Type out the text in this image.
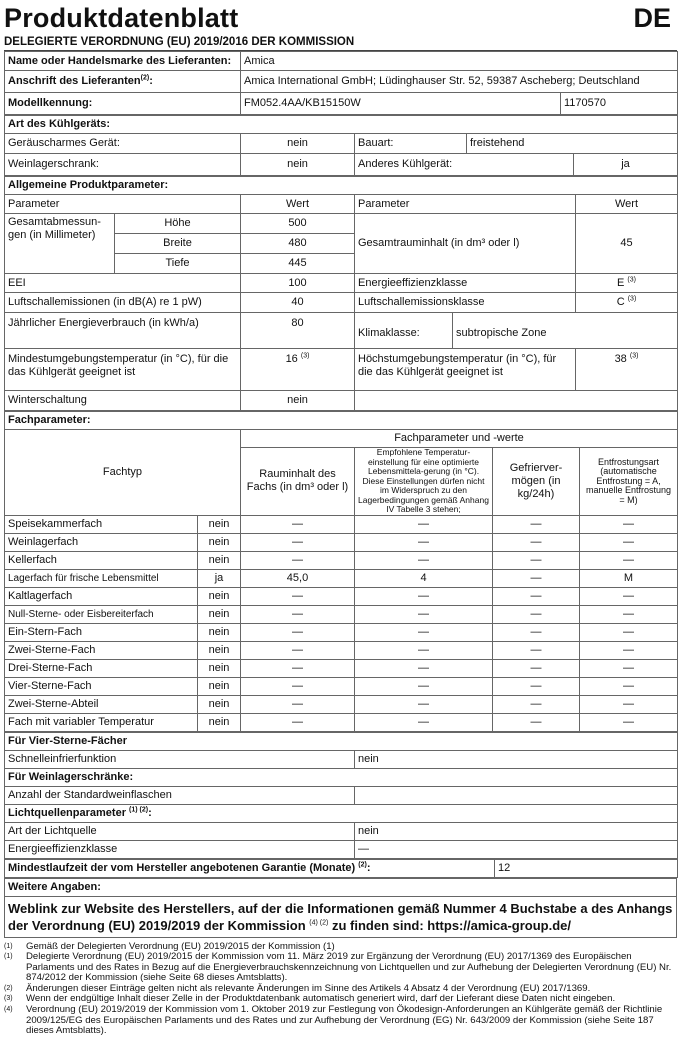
Produktdatenblatt	DE
DELEGIERTE VERORDNUNG (EU) 2019/2016 DER KOMMISSION
Name oder Handelsmarke des Lieferanten:	Amica	
Anschrift des Lieferanten$^{(2)}$:	Amica International GmbH; Lüdinghauser Str. 52, 59387 Ascheberg; Deutschland	
Modellkennung:	FM052.4AA/KB15150W	1170570
Art des Kühlgeräts:				
Geräuscharmes Gerät:	nein	Bauart:	freistehend	
Weinlagerschrank:	nein	Anderes Kühlgerät:		ja
Allgemeine Produktparameter:					
Parameter		Wert	Parameter		Wert
Gesamtabmessun-gen (in Millimeter)	Höhe	500	Gesamtrauminhalt (in dm³ oder l)		45
	Breite	480			
	Tiefe	445			
EEI		100	Energieeffizienzklasse		E $^{(3)}$
Luftschallemissionen (in dB(A) re 1 pW)		40	Luftschallemissionsklasse		C $^{(3)}$
Jährlicher Energieverbrauch (in kWh/a)		80	Klimaklasse:	subtropische Zone	
Mindestumgebungstemperatur (in °C), für die das Kühlgerät geeignet ist		16 $^{(3)}$	Höchstumgebungstemperatur (in °C), für die das Kühlgerät geeignet ist		38 $^{(3)}$
Winterschaltung		nein			
Fachparameter:					
Fachtyp		Fachparameter und -werte			
		Rauminhalt des Fachs (in dm³ oder l)	Empfohlene Temperatur-einstellung für eine optimierte Lebensmittela-gerung (in °C). Diese Einstellungen dürfen nicht im Widerspruch zu den Lagerbedingungen gemäß Anhang IV Tabelle 3 stehen;	Gefrierver-mögen (in kg/24h)	Entfrostungsart (automatische Entfrostung = A, manuelle Entfrostung = M)
Speisekammerfach	nein	—	—	—	—
Weinlagerfach	nein	—	—	—	—
Kellerfach	nein	—	—	—	—
Lagerfach für frische Lebensmittel	ja	45,0	4	—	M
Kaltlagerfach	nein	—	—	—	—
Null-Sterne- oder Eisbereiterfach	nein	—	—	—	—
Ein-Stern-Fach	nein	—	—	—	—
Zwei-Sterne-Fach	nein	—	—	—	—
Drei-Sterne-Fach	nein	—	—	—	—
Vier-Sterne-Fach	nein	—	—	—	—
Zwei-Sterne-Abteil	nein	—	—	—	—
Fach mit variabler Temperatur	nein	—	—	—	—
Für Vier-Sterne-Fächer	
Schnelleinfrierfunktion	nein
Für Weinlagerschränke:	
Anzahl der Standardweinflaschen	
Lichtquellenparameter $^{(1) (2)}$:	
Art der Lichtquelle	nein
Energieeffizienzklasse	—
Mindestlaufzeit der vom Hersteller angebotenen Garantie (Monate) $^{(2)}$:	12
Weitere Angaben:
Weblink zur Website des Herstellers, auf der die Informationen gemäß Nummer 4 Buchstabe a des Anhangs der Verordnung (EU) 2019/2019 der Kommission $^{(4) (2)}$ zu finden sind: https://amica-group.de/
(1)	Gemäß der Delegierten Verordnung (EU) 2019/2015 der Kommission (1)
(1)	Delegierte Verordnung (EU) 2019/2015 der Kommission vom 11. März 2019 zur Ergänzung der Verordnung (EU) 2017/1369 des Europäischen Parlaments und des Rates in Bezug auf die Energieverbrauchskennzeichnung von Lichtquellen und zur Aufhebung der Delegierten Verordnung (EU) Nr. 874/2012 der Kommission (siehe Seite 68 dieses Amtsblatts).
(2)	Änderungen dieser Einträge gelten nicht als relevante Änderungen im Sinne des Artikels 4 Absatz 4 der Verordnung (EU) 2017/1369.
(3)	Wenn der endgültige Inhalt dieser Zelle in der Produktdatenbank automatisch generiert wird, darf der Lieferant diese Daten nicht eingeben.
(4)	Verordnung (EU) 2019/2019 der Kommission vom 1. Oktober 2019 zur Festlegung von Ökodesign-Anforderungen an Kühlgeräte gemäß der Richtlinie 2009/125/EG des Europäischen Parlaments und des Rates und zur Aufhebung der Verordnung (EG) Nr. 643/2009 der Kommission (siehe Seite 187 dieses Amtsblatts).
